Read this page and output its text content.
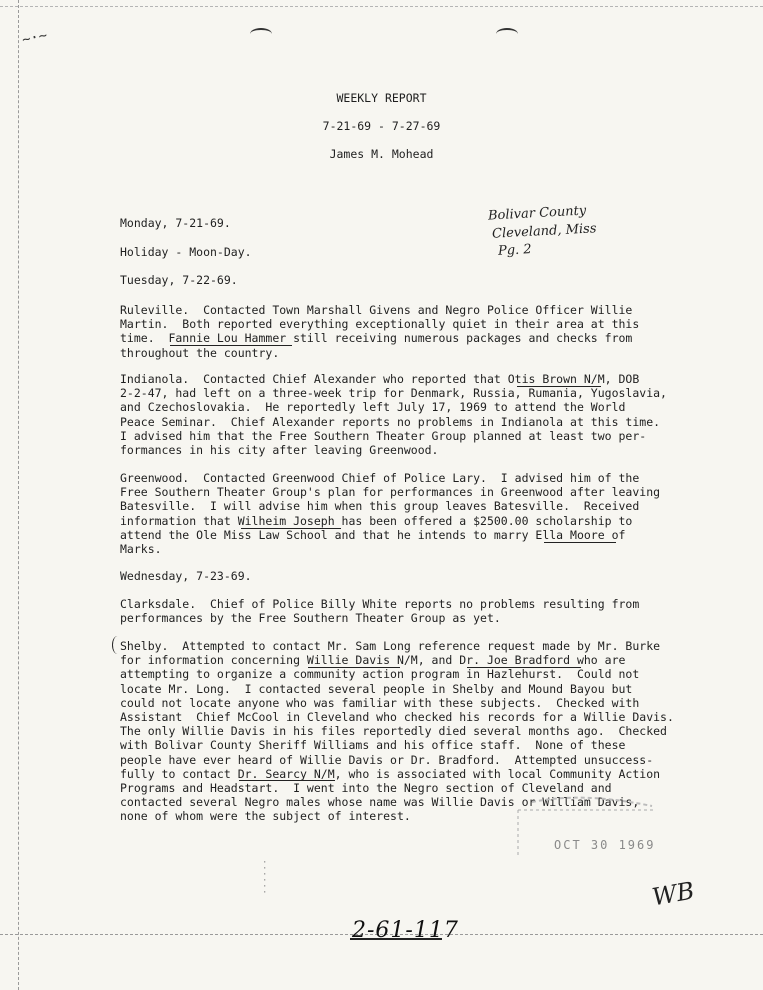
~·~
WEEKLY REPORT
7-21-69 - 7-27-69
James M. Mohead
Bolivar County
Cleveland, Miss
Pg. 2
Monday, 7-21-69.
Holiday - Moon-Day.
Tuesday, 7-22-69.
Ruleville.  Contacted Town Marshall Givens and Negro Police Officer Willie
Martin.  Both reported everything exceptionally quiet in their area at this
time.  Fannie Lou Hammer still receiving numerous packages and checks from
throughout the country.
Indianola.  Contacted Chief Alexander who reported that Otis Brown N/M, DOB
2-2-47, had left on a three-week trip for Denmark, Russia, Rumania, Yugoslavia,
and Czechoslovakia.  He reportedly left July 17, 1969 to attend the World
Peace Seminar.  Chief Alexander reports no problems in Indianola at this time.
I advised him that the Free Southern Theater Group planned at least two per-
formances in his city after leaving Greenwood.
Greenwood.  Contacted Greenwood Chief of Police Lary.  I advised him of the
Free Southern Theater Group's plan for performances in Greenwood after leaving
Batesville.  I will advise him when this group leaves Batesville.  Received
information that Wilheim Joseph has been offered a $2500.00 scholarship to
attend the Ole Miss Law School and that he intends to marry Ella Moore of
Marks.
Wednesday, 7-23-69.
Clarksdale.  Chief of Police Billy White reports no problems resulting from
performances by the Free Southern Theater Group as yet.
Shelby.  Attempted to contact Mr. Sam Long reference request made by Mr. Burke
for information concerning Willie Davis N/M, and Dr. Joe Bradford who are
attempting to organize a community action program in Hazlehurst.  Could not
locate Mr. Long.  I contacted several people in Shelby and Mound Bayou but
could not locate anyone who was familiar with these subjects.  Checked with
Assistant  Chief McCool in Cleveland who checked his records for a Willie Davis.
The only Willie Davis in his files reportedly died several months ago.  Checked
with Bolivar County Sheriff Williams and his office staff.  None of these
people have ever heard of Willie Davis or Dr. Bradford.  Attempted unsuccess-
fully to contact Dr. Searcy N/M, who is associated with local Community Action
Programs and Headstart.  I went into the Negro section of Cleveland and
contacted several Negro males whose name was Willie Davis or William Davis,
none of whom were the subject of interest.
OCT 30 1969
·
·
·
·
·
·	WB
2-61-117
